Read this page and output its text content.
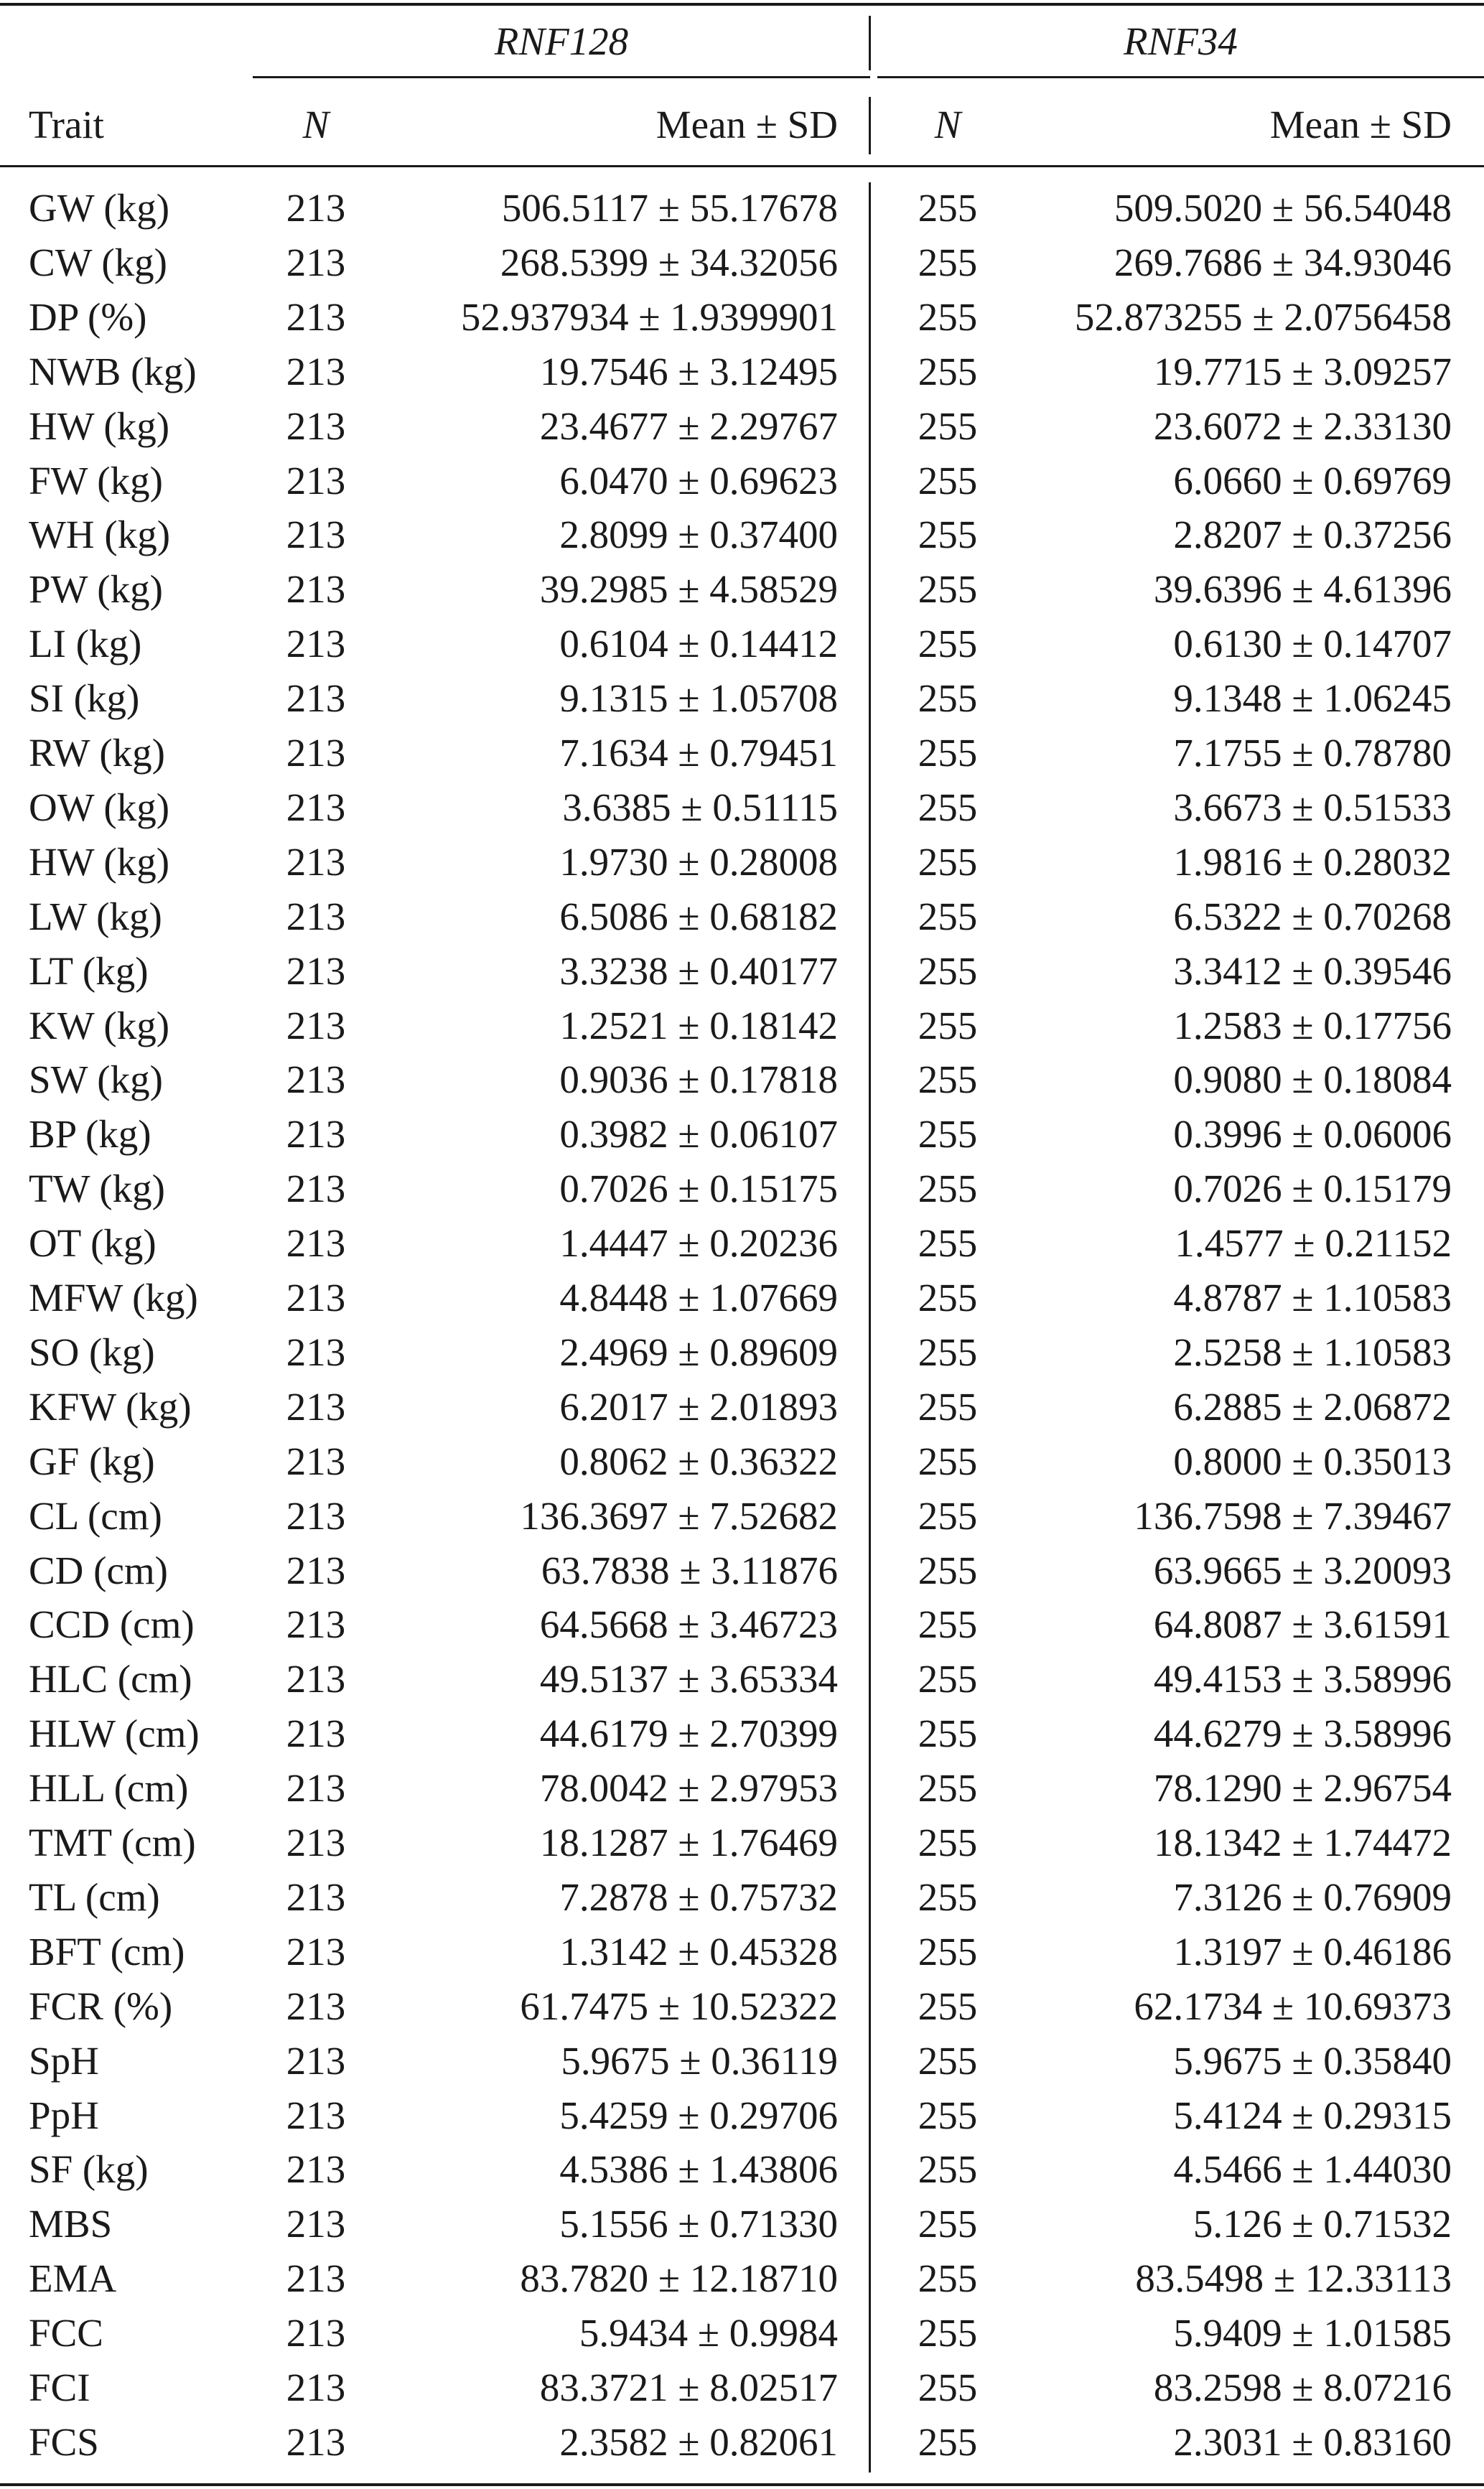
RNF128	RNF34
Trait	N	Mean ± SD	N	Mean ± SD
GW (kg)	213	506.5117 ± 55.17678	255	509.5020 ± 56.54048
CW (kg)	213	268.5399 ± 34.32056	255	269.7686 ± 34.93046
DP (%)	213	52.937934 ± 1.9399901	255	52.873255 ± 2.0756458
NWB (kg)	213	19.7546 ± 3.12495	255	19.7715 ± 3.09257
HW (kg)	213	23.4677 ± 2.29767	255	23.6072 ± 2.33130
FW (kg)	213	6.0470 ± 0.69623	255	6.0660 ± 0.69769
WH (kg)	213	2.8099 ± 0.37400	255	2.8207 ± 0.37256
PW (kg)	213	39.2985 ± 4.58529	255	39.6396 ± 4.61396
LI (kg)	213	0.6104 ± 0.14412	255	0.6130 ± 0.14707
SI (kg)	213	9.1315 ± 1.05708	255	9.1348 ± 1.06245
RW (kg)	213	7.1634 ± 0.79451	255	7.1755 ± 0.78780
OW (kg)	213	3.6385 ± 0.51115	255	3.6673 ± 0.51533
HW (kg)	213	1.9730 ± 0.28008	255	1.9816 ± 0.28032
LW (kg)	213	6.5086 ± 0.68182	255	6.5322 ± 0.70268
LT (kg)	213	3.3238 ± 0.40177	255	3.3412 ± 0.39546
KW (kg)	213	1.2521 ± 0.18142	255	1.2583 ± 0.17756
SW (kg)	213	0.9036 ± 0.17818	255	0.9080 ± 0.18084
BP (kg)	213	0.3982 ± 0.06107	255	0.3996 ± 0.06006
TW (kg)	213	0.7026 ± 0.15175	255	0.7026 ± 0.15179
OT (kg)	213	1.4447 ± 0.20236	255	1.4577 ± 0.21152
MFW (kg)	213	4.8448 ± 1.07669	255	4.8787 ± 1.10583
SO (kg)	213	2.4969 ± 0.89609	255	2.5258 ± 1.10583
KFW (kg)	213	6.2017 ± 2.01893	255	6.2885 ± 2.06872
GF (kg)	213	0.8062 ± 0.36322	255	0.8000 ± 0.35013
CL (cm)	213	136.3697 ± 7.52682	255	136.7598 ± 7.39467
CD (cm)	213	63.7838 ± 3.11876	255	63.9665 ± 3.20093
CCD (cm)	213	64.5668 ± 3.46723	255	64.8087 ± 3.61591
HLC (cm)	213	49.5137 ± 3.65334	255	49.4153 ± 3.58996
HLW (cm)	213	44.6179 ± 2.70399	255	44.6279 ± 3.58996
HLL (cm)	213	78.0042 ± 2.97953	255	78.1290 ± 2.96754
TMT (cm)	213	18.1287 ± 1.76469	255	18.1342 ± 1.74472
TL (cm)	213	7.2878 ± 0.75732	255	7.3126 ± 0.76909
BFT (cm)	213	1.3142 ± 0.45328	255	1.3197 ± 0.46186
FCR (%)	213	61.7475 ± 10.52322	255	62.1734 ± 10.69373
SpH	213	5.9675 ± 0.36119	255	5.9675 ± 0.35840
PpH	213	5.4259 ± 0.29706	255	5.4124 ± 0.29315
SF (kg)	213	4.5386 ± 1.43806	255	4.5466 ± 1.44030
MBS	213	5.1556 ± 0.71330	255	5.126 ± 0.71532
EMA	213	83.7820 ± 12.18710	255	83.5498 ± 12.33113
FCC	213	5.9434 ± 0.9984	255	5.9409 ± 1.01585
FCI	213	83.3721 ± 8.02517	255	83.2598 ± 8.07216
FCS	213	2.3582 ± 0.82061	255	2.3031 ± 0.83160
